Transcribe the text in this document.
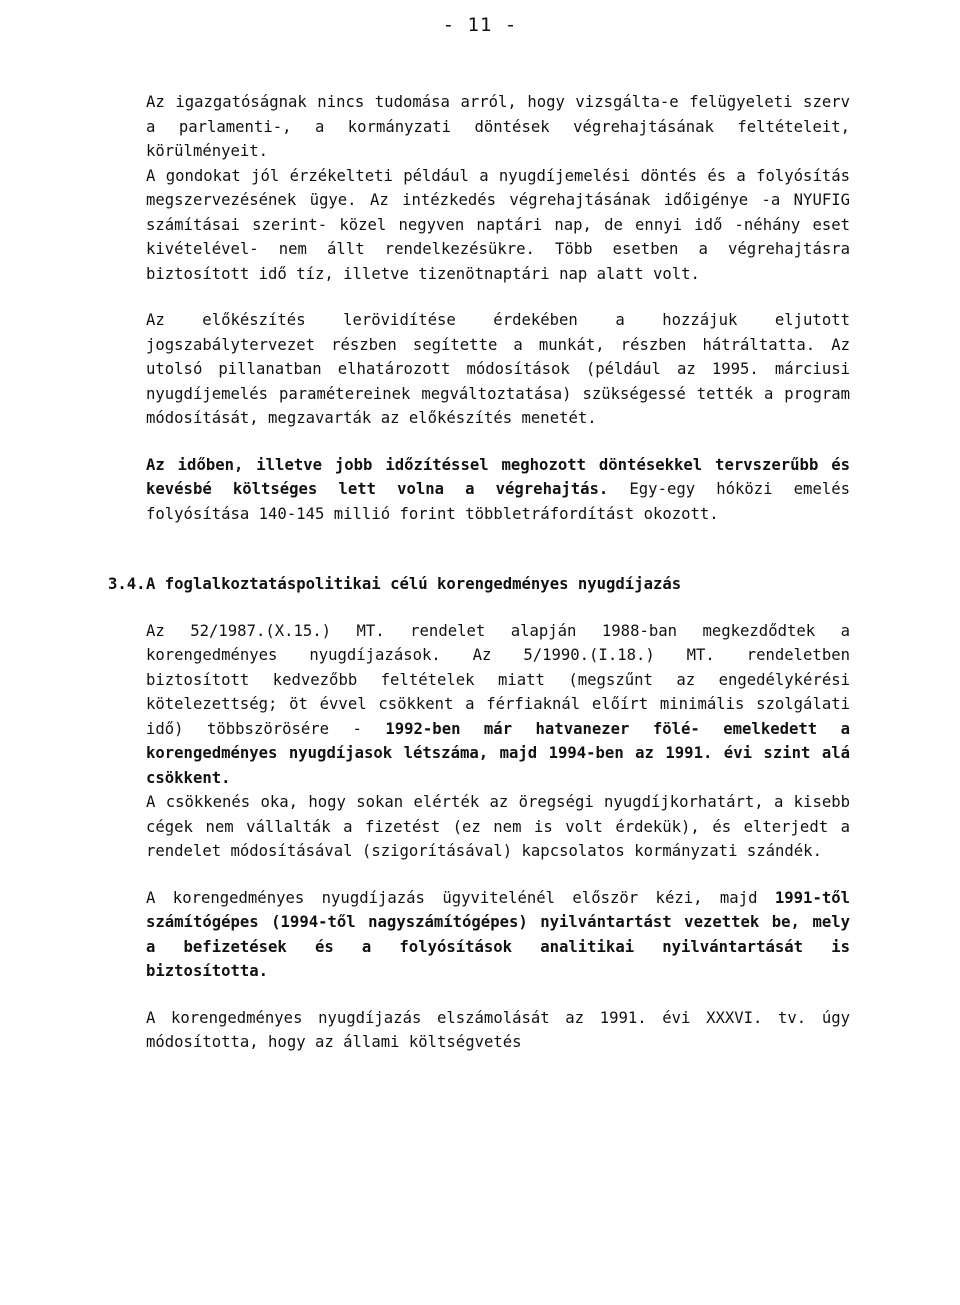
- 11 -

Az igazgatóságnak nincs tudomása arról, hogy vizsgálta-e felügyeleti szerv a parlamenti-, a kormányzati döntések végrehajtásának feltételeit, körülményeit.

A gondokat jól érzékelteti például a nyugdíjemelési döntés és a folyósítás megszervezésének ügye. Az intézkedés végrehajtásának időigénye -a NYUFIG számításai szerint- közel negyven naptári nap, de ennyi idő -néhány eset kivételével- nem állt rendelkezésükre. Több esetben a végrehajtásra biztosított idő tíz, illetve tizenötnaptári nap alatt volt.

Az előkészítés lerövidítése érdekében a hozzájuk eljutott jogszabálytervezet részben segítette a munkát, részben hátráltatta. Az utolsó pillanatban elhatározott módosítások (például az 1995. márciusi nyugdíjemelés paramétereinek megváltoztatása) szükségessé tették a program módosítását, megzavarták az előkészítés menetét.

Az időben, illetve jobb időzítéssel meghozott döntésekkel tervszerűbb és kevésbé költséges lett volna a végrehajtás. Egy-egy hóközi emelés folyósítása 140-145 millió forint többletráfordítást okozott.

3.4. A foglalkoztatáspolitikai célú korengedményes nyugdíjazás

Az 52/1987.(X.15.) MT. rendelet alapján 1988-ban megkezdődtek a korengedményes nyugdíjazások. Az 5/1990.(I.18.) MT. rendeletben biztosított kedvezőbb feltételek miatt (megszűnt az engedélykérési kötelezettség; öt évvel csökkent a férfiaknál előírt minimális szolgálati idő) többszörösére - 1992-ben már hatvanezer fölé- emelkedett a korengedményes nyugdíjasok létszáma, majd 1994-ben az 1991. évi szint alá csökkent.

A csökkenés oka, hogy sokan elérték az öregségi nyugdíjkorhatárt, a kisebb cégek nem vállalták a fizetést (ez nem is volt érdekük), és elterjedt a rendelet módosításával (szigorításával) kapcsolatos kormányzati szándék.

A korengedményes nyugdíjazás ügyvitelénél először kézi, majd 1991-től számítógépes (1994-től nagyszámítógépes) nyilvántartást vezettek be, mely a befizetések és a folyósítások analitikai nyilvántartását is biztosította.

A korengedményes nyugdíjazás elszámolását az 1991. évi XXXVI. tv. úgy módosította, hogy az állami költségvetés
